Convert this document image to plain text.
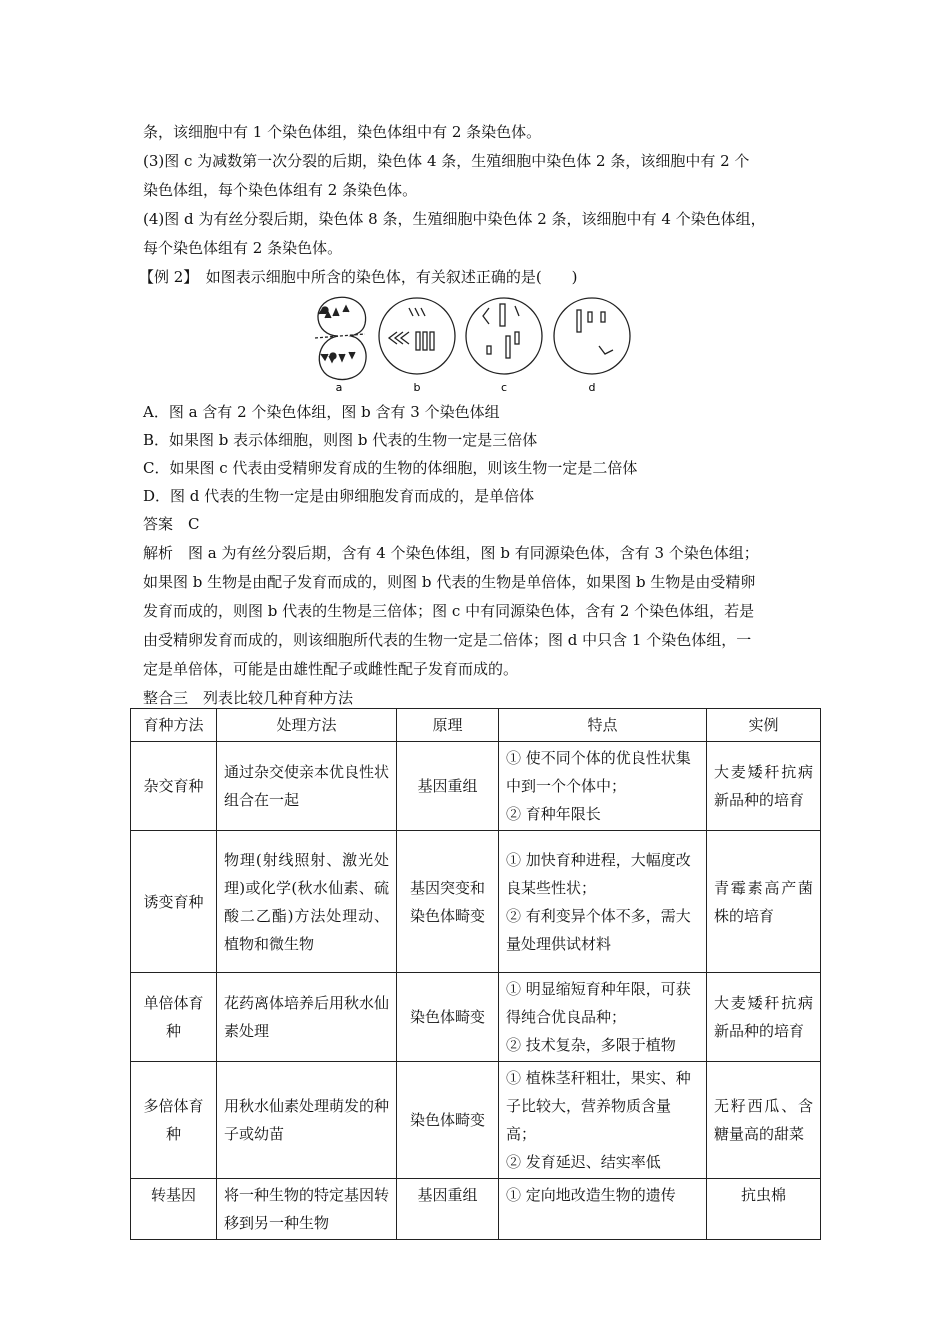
条，该细胞中有 1 个染色体组，染色体组中有 2 条染色体。
(3)图 c 为减数第一次分裂的后期，染色体 4 条，生殖细胞中染色体 2 条，该细胞中有 2 个
染色体组，每个染色体组有 2 条染色体。
(4)图 d 为有丝分裂后期，染色体 8 条，生殖细胞中染色体 2 条，该细胞中有 4 个染色体组，
每个染色体组有 2 条染色体。
【例 2】　如图表示细胞中所含的染色体，有关叙述正确的是(　　)
a	b	c	d
A．图 a 含有 2 个染色体组，图 b 含有 3 个染色体组
B．如果图 b 表示体细胞，则图 b 代表的生物一定是三倍体
C．如果图 c 代表由受精卵发育成的生物的体细胞，则该生物一定是二倍体
D．图 d 代表的生物一定是由卵细胞发育而成的，是单倍体
答案　C
解析　图 a 为有丝分裂后期，含有 4 个染色体组，图 b 有同源染色体，含有 3 个染色体组；
如果图 b 生物是由配子发育而成的，则图 b 代表的生物是单倍体，如果图 b 生物是由受精卵
发育而成的，则图 b 代表的生物是三倍体；图 c 中有同源染色体，含有 2 个染色体组，若是
由受精卵发育而成的，则该细胞所代表的生物一定是二倍体；图 d 中只含 1 个染色体组，一
定是单倍体，可能是由雄性配子或雌性配子发育而成的。
整合三　列表比较几种育种方法
育种方法	处理方法	原理	特点	实例
杂交育种	通过杂交使亲本优良性状组合在一起	基因重组	① 使不同个体的优良性状集中到一个个体中；
② 育种年限长	大麦矮秆抗病新品种的培育
诱变育种	物理(射线照射、激光处理)或化学(秋水仙素、硫酸二乙酯)方法处理动、植物和微生物	基因突变和染色体畸变	① 加快育种进程，大幅度改良某些性状；
② 有利变异个体不多，需大量处理供试材料	青霉素高产菌株的培育
单倍体育种	花药离体培养后用秋水仙素处理	染色体畸变	① 明显缩短育种年限，可获得纯合优良品种；
② 技术复杂，多限于植物	大麦矮秆抗病新品种的培育
多倍体育种	用秋水仙素处理萌发的种子或幼苗	染色体畸变	① 植株茎秆粗壮，果实、种子比较大，营养物质含量高；
② 发育延迟、结实率低	无籽西瓜、含糖量高的甜菜
转基因	将一种生物的特定基因转移到另一种生物	基因重组	① 定向地改造生物的遗传	抗虫棉
